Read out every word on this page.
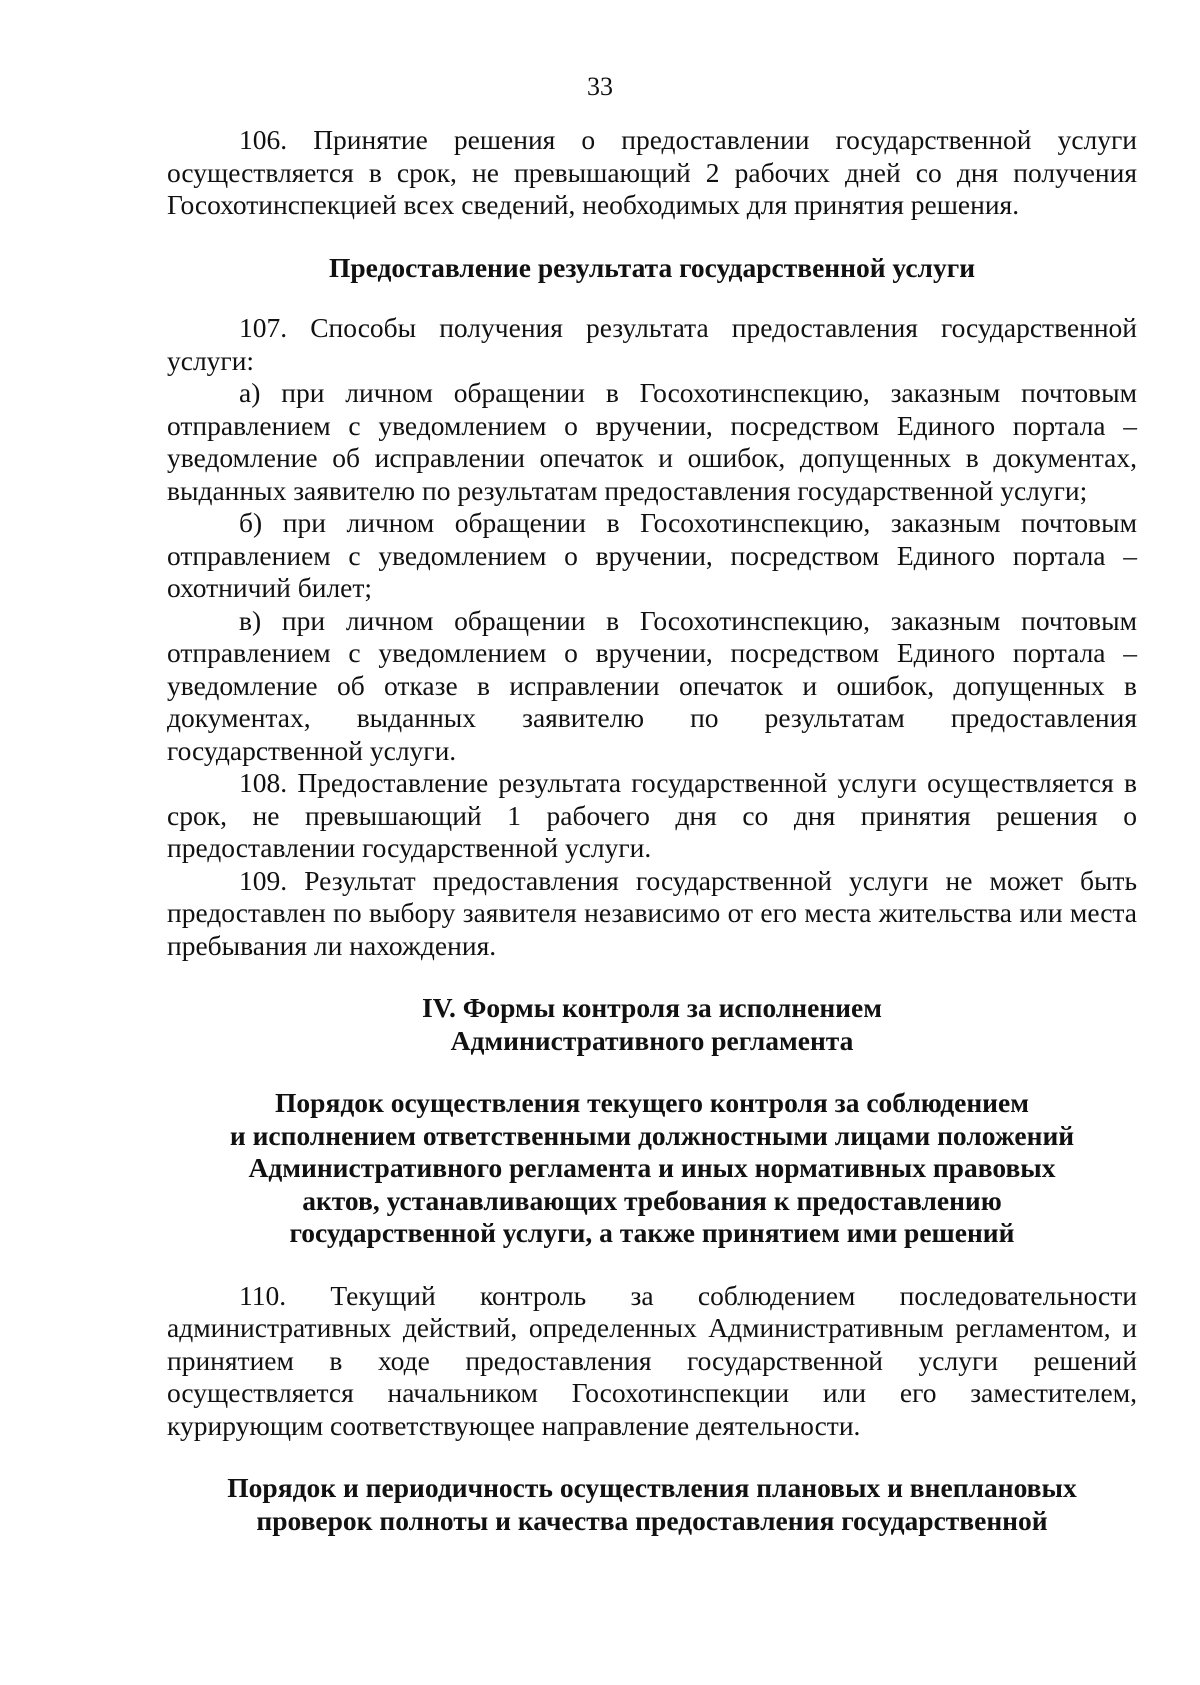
33

106. Принятие решения о предоставлении государственной услуги осуществляется в срок, не превышающий 2 рабочих дней со дня получения Госохотинспекцией всех сведений, необходимых для принятия решения.

Предоставление результата государственной услуги

107. Способы получения результата предоставления государственной услуги:

а) при личном обращении в Госохотинспекцию, заказным почтовым отправлением с уведомлением о вручении, посредством Единого портала – уведомление об исправлении опечаток и ошибок, допущенных в документах, выданных заявителю по результатам предоставления государственной услуги;

б) при личном обращении в Госохотинспекцию, заказным почтовым отправлением с уведомлением о вручении, посредством Единого портала – охотничий билет;

в) при личном обращении в Госохотинспекцию, заказным почтовым отправлением с уведомлением о вручении, посредством Единого портала – уведомление об отказе в исправлении опечаток и ошибок, допущенных в документах, выданных заявителю по результатам предоставления государственной услуги.

108. Предоставление результата государственной услуги осуществляется в срок, не превышающий 1 рабочего дня со дня принятия решения о предоставлении государственной услуги.

109. Результат предоставления государственной услуги не может быть предоставлен по выбору заявителя независимо от его места жительства или места пребывания ли нахождения.

IV. Формы контроля за исполнением
Административного регламента
Порядок осуществления текущего контроля за соблюдением
и исполнением ответственными должностными лицами положений
Административного регламента и иных нормативных правовых
актов, устанавливающих требования к предоставлению
государственной услуги, а также принятием ими решений

110. Текущий контроль за соблюдением последовательности административных действий, определенных Административным регламентом, и принятием в ходе предоставления государственной услуги решений осуществляется начальником Госохотинспекции или его заместителем, курирующим соответствующее направление деятельности.

Порядок и периодичность осуществления плановых и внеплановых
проверок полноты и качества предоставления государственной
